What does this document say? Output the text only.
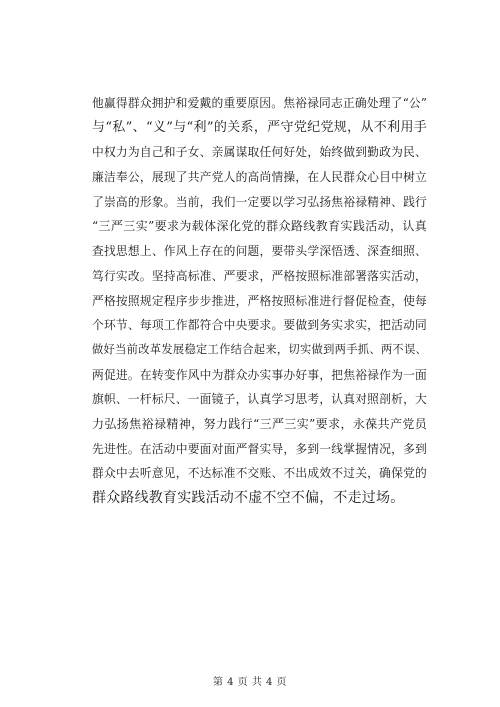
他赢得群众拥护和爱戴的重要原因。焦裕禄同志正确处理了“公”
与“私”、“义”与“利”的关系，严守党纪党规，从不利用手
中权力为自己和子女、亲属谋取任何好处，始终做到勤政为民、
廉洁奉公，展现了共产党人的高尚情操，在人民群众心目中树立
了崇高的形象。当前，我们一定要以学习弘扬焦裕禄精神、践行
“三严三实”要求为载体深化党的群众路线教育实践活动，认真
查找思想上、作风上存在的问题，要带头学深悟透、深查细照、
笃行实改。坚持高标准、严要求，严格按照标准部署落实活动，
严格按照规定程序步步推进，严格按照标准进行督促检查，使每
个环节、每项工作都符合中央要求。要做到务实求实，把活动同
做好当前改革发展稳定工作结合起来，切实做到两手抓、两不误、
两促进。在转变作风中为群众办实事办好事，把焦裕禄作为一面
旗帜、一杆标尺、一面镜子，认真学习思考，认真对照剖析，大
力弘扬焦裕禄精神，努力践行“三严三实”要求，永葆共产党员
先进性。在活动中要面对面严督实导，多到一线掌握情况，多到
群众中去听意见，不达标准不交账、不出成效不过关，确保党的
群众路线教育实践活动不虚不空不偏，不走过场。
第 4 页 共 4 页
